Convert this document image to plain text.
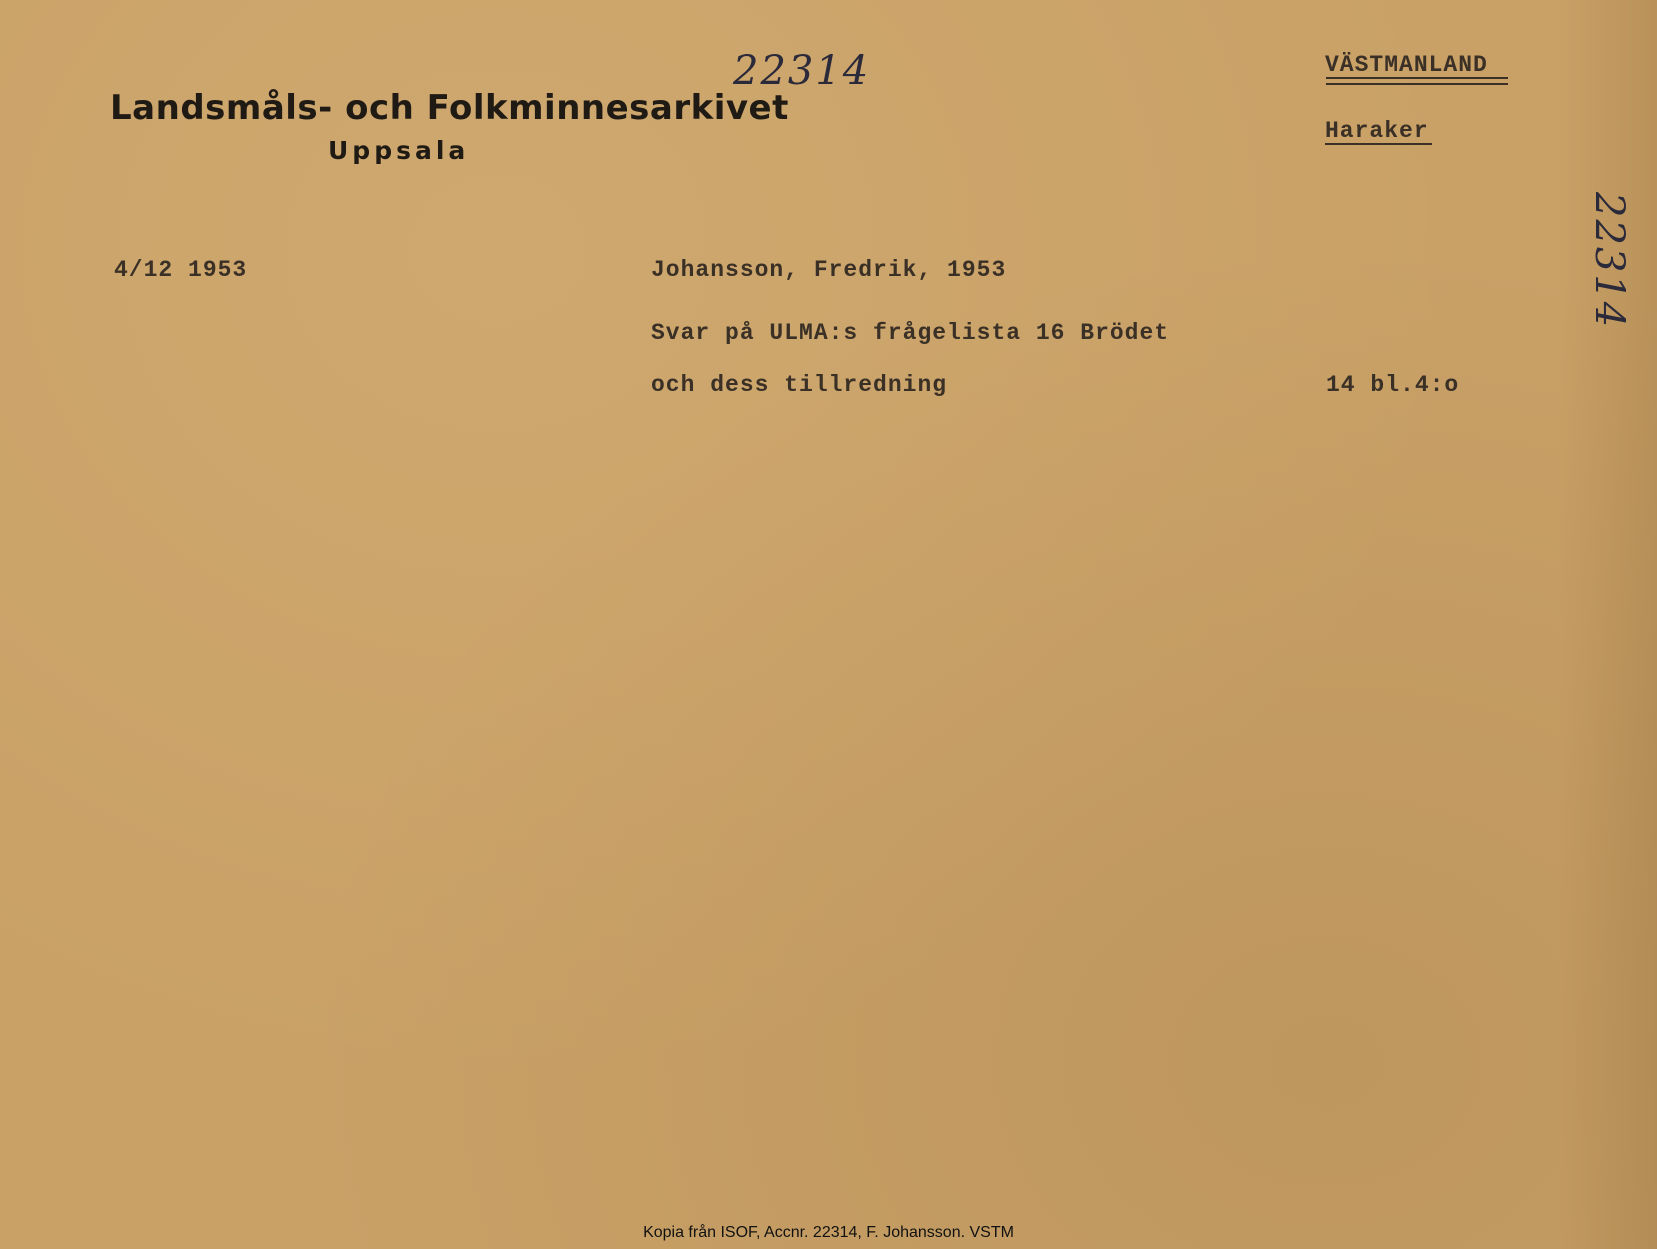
Landsmåls- och Folkminnesarkivet
Uppsala
22314
22314
VÄSTMANLAND
Haraker
4/12 1953	Johansson, Fredrik, 1953
Svar på ULMA:s frågelista 16 Brödet
och dess tillredning	14 bl.4:o
Kopia från ISOF, Accnr. 22314, F. Johansson. VSTM
